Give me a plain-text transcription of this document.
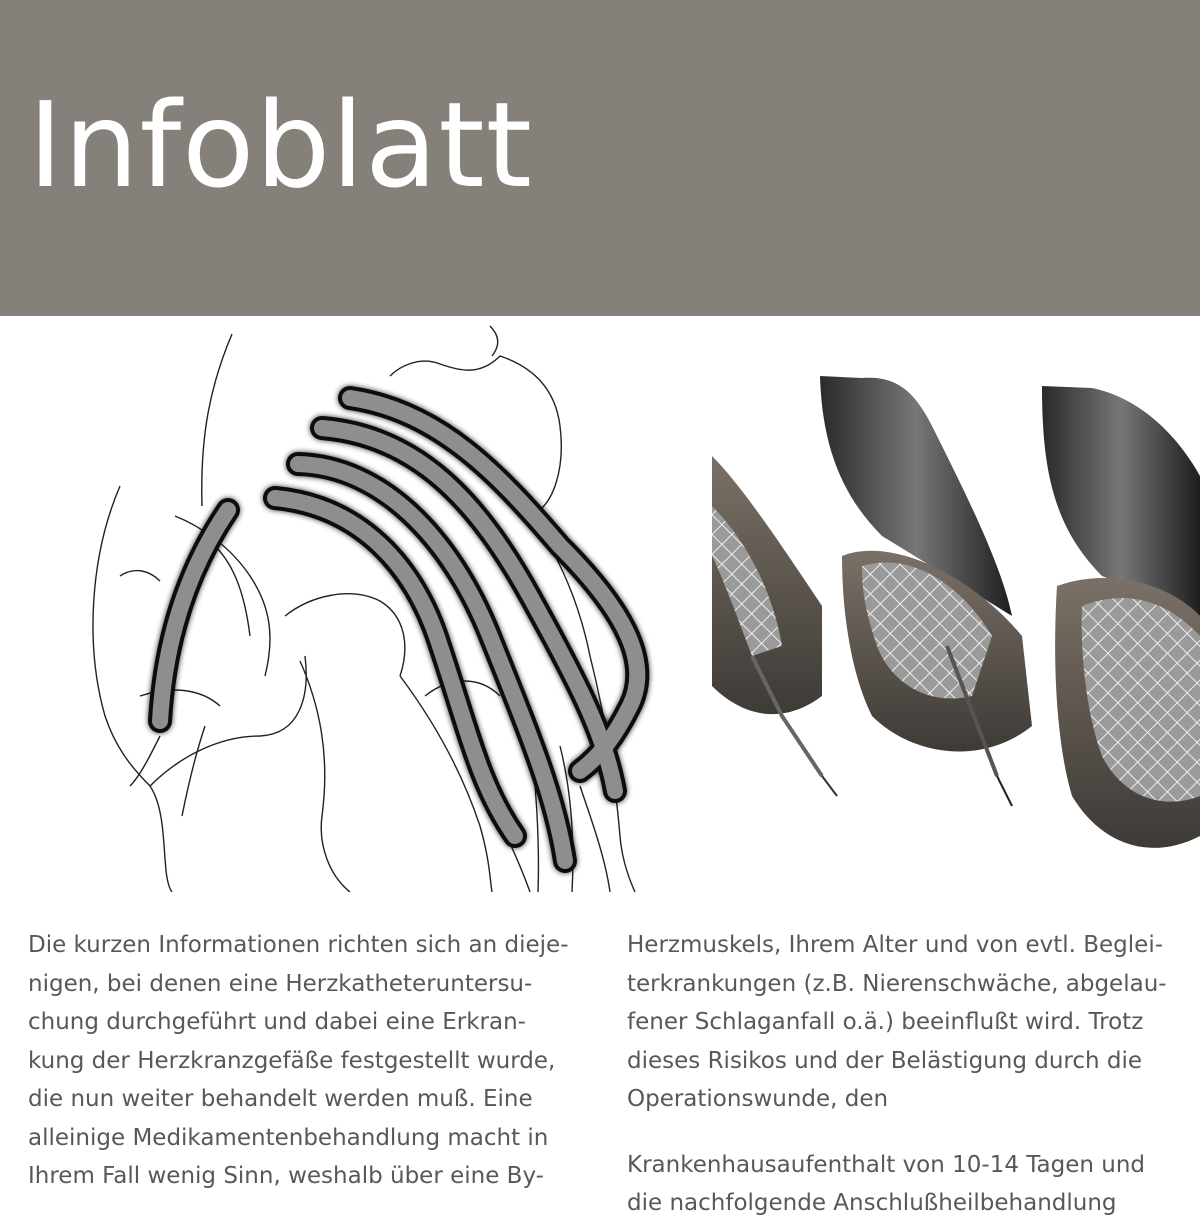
Infoblatt

Die kurzen Informationen richten sich an dieje-
nigen, bei denen eine Herzkatheteruntersu-
chung durchgeführt und dabei eine Erkran-
kung der Herzkranzgefäße festgestellt wurde,
die nun weiter behandelt werden muß. Eine
alleinige Medikamentenbehandlung macht in
Ihrem Fall wenig Sinn, weshalb über eine By-

Herzmuskels, Ihrem Alter und von evtl. Beglei-
terkrankungen (z.B. Nierenschwäche, abgelau-
fener Schlaganfall o.ä.) beeinflußt wird. Trotz
dieses Risikos und der Belästigung durch die
Operationswunde, den

Krankenhausaufenthalt von 10-14 Tagen und
die nachfolgende Anschlußheilbehandlung
